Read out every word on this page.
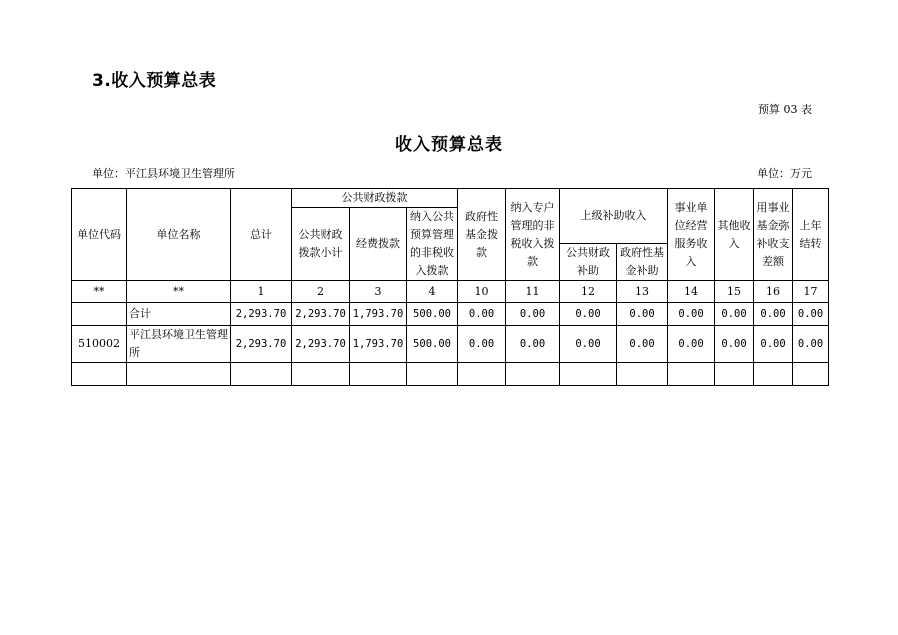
3.收入预算总表
预算 03 表
收入预算总表
单位：平江县环境卫生管理所	单位：万元
单位代码	单位名称	总计	公共财政拨款			政府性基金拨款	纳入专户管理的非税收入拨款	上级补助收入		事业单位经营服务收入	其他收入	用事业基金弥补收支差额	上年结转
			公共财政拨款小计	经费拨款	纳入公共预算管理的非税收入拨款								
								公共财政补助	政府性基金补助				
**	**	1	2	3	4	10	11	12	13	14	15	16	17
	合计	2,293.70	2,293.70	1,793.70	500.00	0.00	0.00	0.00	0.00	0.00	0.00	0.00	0.00
510002	平江县环境卫生管理所	2,293.70	2,293.70	1,793.70	500.00	0.00	0.00	0.00	0.00	0.00	0.00	0.00	0.00
